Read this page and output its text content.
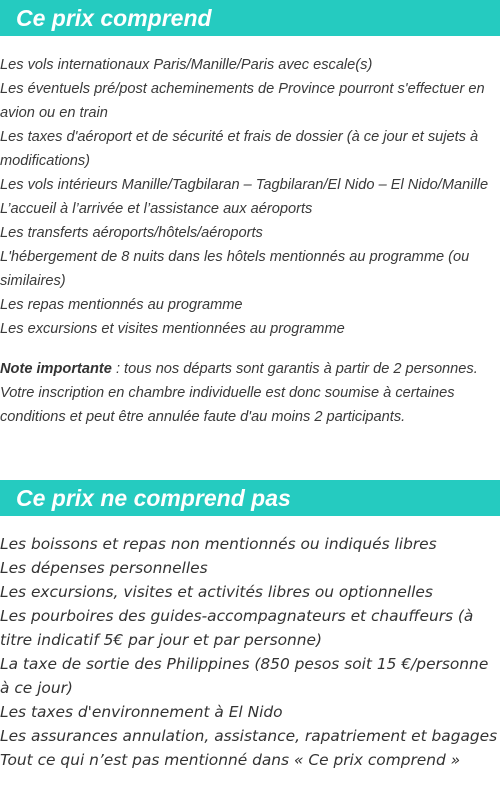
Ce prix comprend
Les vols internationaux Paris/Manille/Paris avec escale(s)
Les éventuels pré/post acheminements de Province pourront s'effectuer en avion ou en train
Les taxes d'aéroport et de sécurité et frais de dossier (à ce jour et sujets à modifications)
Les vols intérieurs Manille/Tagbilaran – Tagbilaran/El Nido – El Nido/Manille
L’accueil à l’arrivée et l’assistance aux aéroports
Les transferts aéroports/hôtels/aéroports
L'hébergement de 8 nuits dans les hôtels mentionnés au programme (ou similaires)
Les repas mentionnés au programme
Les excursions et visites mentionnées au programme
Note importante : tous nos départs sont garantis à partir de 2 personnes. Votre inscription en chambre individuelle est donc soumise à certaines conditions et peut être annulée faute d'au moins 2 participants.
Ce prix ne comprend pas
Les boissons et repas non mentionnés ou indiqués libres
Les dépenses personnelles
Les excursions, visites et activités libres ou optionnelles
Les pourboires des guides-accompagnateurs et chauffeurs (à titre indicatif 5€ par jour et par personne)
La taxe de sortie des Philippines (850 pesos soit 15 €/personne à ce jour)
Les taxes d'environnement à El Nido
Les assurances annulation, assistance, rapatriement et bagages
Tout ce qui n’est pas mentionné dans « Ce prix comprend »
